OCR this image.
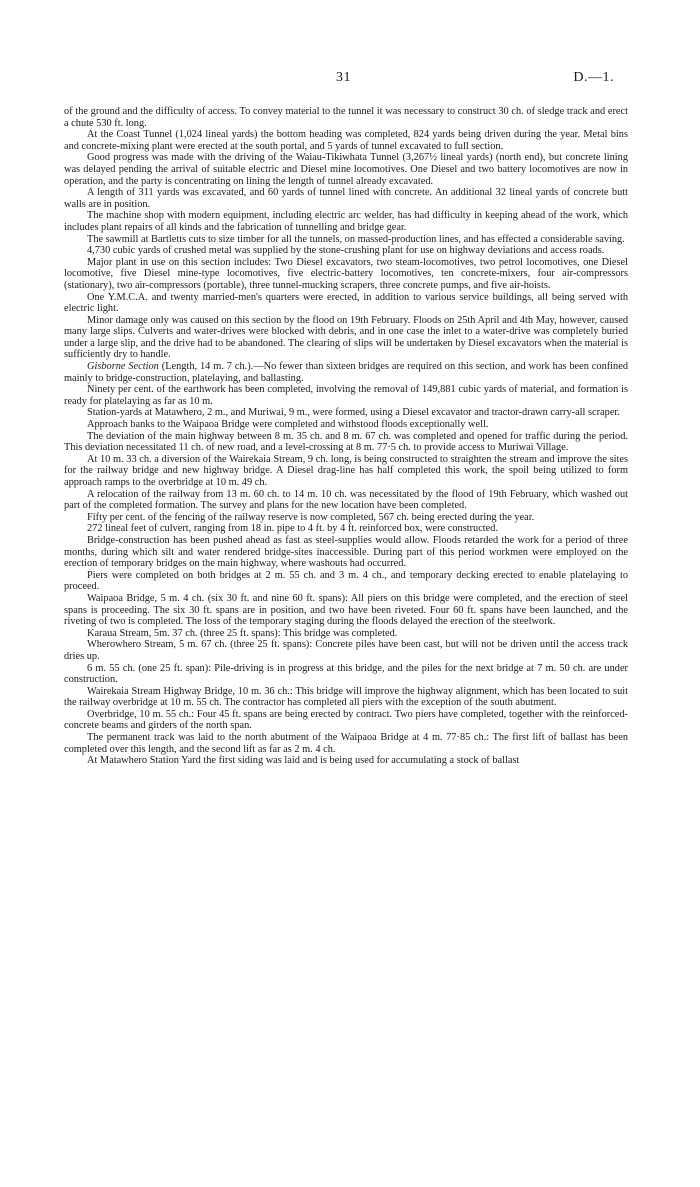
31	D.—1.

of the ground and the difficulty of access. To convey material to the tunnel it was necessary to construct 30 ch. of sledge track and erect a chute 530 ft. long.

At the Coast Tunnel (1,024 lineal yards) the bottom heading was completed, 824 yards being driven during the year. Metal bins and concrete-mixing plant were erected at the south portal, and 5 yards of tunnel excavated to full section.

Good progress was made with the driving of the Waiau-Tikiwhata Tunnel (3,267½ lineal yards) (north end), but concrete lining was delayed pending the arrival of suitable electric and Diesel mine locomotives. One Diesel and two battery locomotives are now in operation, and the party is concentrating on lining the length of tunnel already excavated.

A length of 311 yards was excavated, and 60 yards of tunnel lined with concrete. An additional 32 lineal yards of concrete butt walls are in position.

The machine shop with modern equipment, including electric arc welder, has had difficulty in keeping ahead of the work, which includes plant repairs of all kinds and the fabrication of tunnelling and bridge gear.

The sawmill at Bartletts cuts to size timber for all the tunnels, on massed-production lines, and has effected a considerable saving.

4,730 cubic yards of crushed metal was supplied by the stone-crushing plant for use on highway deviations and access roads.

Major plant in use on this section includes: Two Diesel excavators, two steam-locomotives, two petrol locomotives, one Diesel locomotive, five Diesel mine-type locomotives, five electric-battery locomotives, ten concrete-mixers, four air-compressors (stationary), two air-compressors (portable), three tunnel-mucking scrapers, three concrete pumps, and five air-hoists.

One Y.M.C.A. and twenty married-men's quarters were erected, in addition to various service buildings, all being served with electric light.

Minor damage only was caused on this section by the flood on 19th February. Floods on 25th April and 4th May, however, caused many large slips. Culverts and water-drives were blocked with debris, and in one case the inlet to a water-drive was completely buried under a large slip, and the drive had to be abandoned. The clearing of slips will be undertaken by Diesel excavators when the material is sufficiently dry to handle.

Gisborne Section (Length, 14 m. 7 ch.).—No fewer than sixteen bridges are required on this section, and work has been confined mainly to bridge-construction, platelaying, and ballasting.

Ninety per cent. of the earthwork has been completed, involving the removal of 149,881 cubic yards of material, and formation is ready for platelaying as far as 10 m.

Station-yards at Matawhero, 2 m., and Muriwai, 9 m., were formed, using a Diesel excavator and tractor-drawn carry-all scraper.

Approach banks to the Waipaoa Bridge were completed and withstood floods exceptionally well.

The deviation of the main highway between 8 m. 35 ch. and 8 m. 67 ch. was completed and opened for traffic during the period. This deviation necessitated 11 ch. of new road, and a level-crossing at 8 m. 77·5 ch. to provide access to Muriwai Village.

At 10 m. 33 ch. a diversion of the Wairekaia Stream, 9 ch. long, is being constructed to straighten the stream and improve the sites for the railway bridge and new highway bridge. A Diesel drag-line has half completed this work, the spoil being utilized to form approach ramps to the overbridge at 10 m. 49 ch.

A relocation of the railway from 13 m. 60 ch. to 14 m. 10 ch. was necessitated by the flood of 19th February, which washed out part of the completed formation. The survey and plans for the new location have been completed.

Fifty per cent. of the fencing of the railway reserve is now completed, 567 ch. being erected during the year.

272 lineal feet of culvert, ranging from 18 in. pipe to 4 ft. by 4 ft. reinforced box, were constructed.

Bridge-construction has been pushed ahead as fast as steel-supplies would allow. Floods retarded the work for a period of three months, during which silt and water rendered bridge-sites inaccessible. During part of this period workmen were employed on the erection of temporary bridges on the main highway, where washouts had occurred.

Piers were completed on both bridges at 2 m. 55 ch. and 3 m. 4 ch., and temporary decking erected to enable platelaying to proceed.

Waipaoa Bridge, 5 m. 4 ch. (six 30 ft. and nine 60 ft. spans): All piers on this bridge were completed, and the erection of steel spans is proceeding. The six 30 ft. spans are in position, and two have been riveted. Four 60 ft. spans have been launched, and the riveting of two is completed. The loss of the temporary staging during the floods delayed the erection of the steelwork.

Karaua Stream, 5m. 37 ch. (three 25 ft. spans): This bridge was completed.

Wherowhero Stream, 5 m. 67 ch. (three 25 ft. spans): Concrete piles have been cast, but will not be driven until the access track dries up.

6 m. 55 ch. (one 25 ft. span): Pile-driving is in progress at this bridge, and the piles for the next bridge at 7 m. 50 ch. are under construction.

Wairekaia Stream Highway Bridge, 10 m. 36 ch.: This bridge will improve the highway alignment, which has been located to suit the railway overbridge at 10 m. 55 ch. The contractor has completed all piers with the exception of the south abutment.

Overbridge, 10 m. 55 ch.: Four 45 ft. spans are being erected by contract. Two piers have completed, together with the reinforced-concrete beams and girders of the north span.

The permanent track was laid to the north abutment of the Waipaoa Bridge at 4 m. 77·85 ch.: The first lift of ballast has been completed over this length, and the second lift as far as 2 m. 4 ch.

At Matawhero Station Yard the first siding was laid and is being used for accumulating a stock of ballast
